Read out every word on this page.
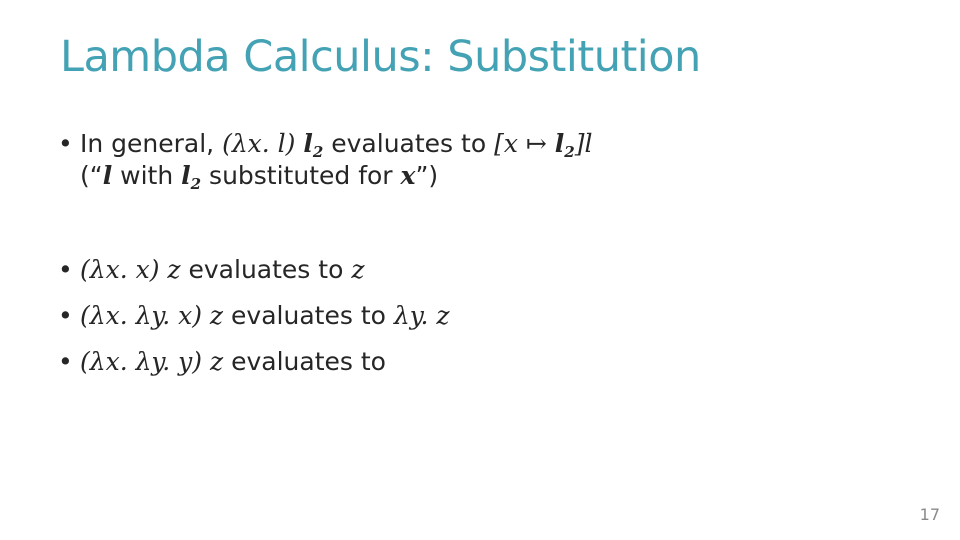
Lambda Calculus: Substitution
• In general, (λx. l) $l_2$ evaluates to [x ↦ $l_2]l$
(“l with $l_2$ substituted for x”)
• (λx. x) z evaluates to z
• (λx. λy. x) z evaluates to λy. z
• (λx. λy. y) z evaluates to
17
